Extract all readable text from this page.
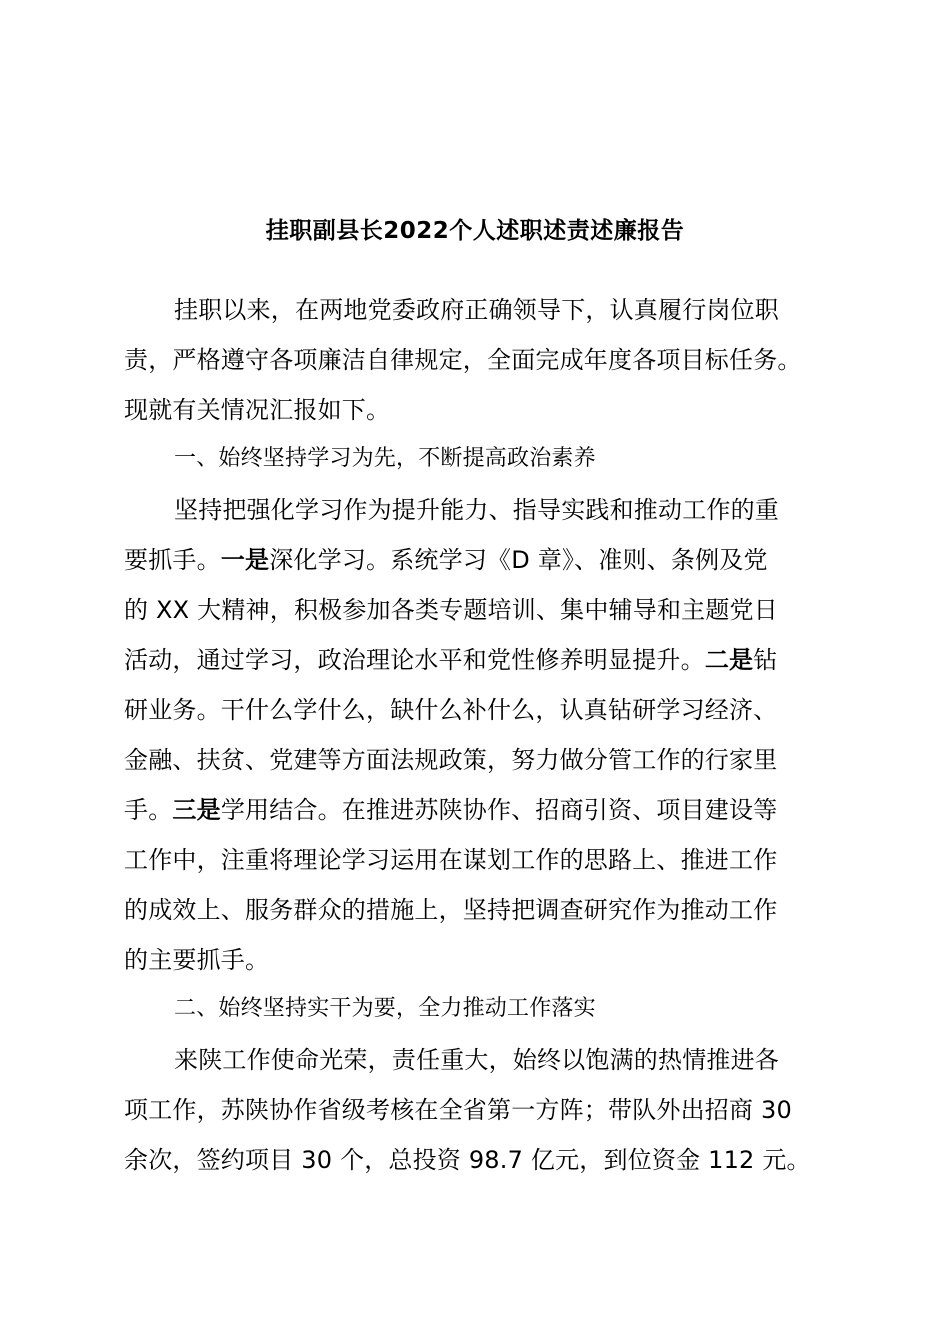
挂职副县长2022个人述职述责述廉报告
挂职以来，在两地党委政府正确领导下，认真履行岗位职
责，严格遵守各项廉洁自律规定，全面完成年度各项目标任务。
现就有关情况汇报如下。
一、始终坚持学习为先，不断提高政治素养
坚持把强化学习作为提升能力、指导实践和推动工作的重
要抓手。一是深化学习。系统学习《D 章》、准则、条例及党
的 XX 大精神，积极参加各类专题培训、集中辅导和主题党日
活动，通过学习，政治理论水平和党性修养明显提升。二是钻
研业务。干什么学什么，缺什么补什么，认真钻研学习经济、
金融、扶贫、党建等方面法规政策，努力做分管工作的行家里
手。三是学用结合。在推进苏陕协作、招商引资、项目建设等
工作中，注重将理论学习运用在谋划工作的思路上、推进工作
的成效上、服务群众的措施上，坚持把调查研究作为推动工作
的主要抓手。
二、始终坚持实干为要，全力推动工作落实
来陕工作使命光荣，责任重大，始终以饱满的热情推进各
项工作，苏陕协作省级考核在全省第一方阵；带队外出招商 30
余次，签约项目 30 个，总投资 98.7 亿元，到位资金 112 元。
